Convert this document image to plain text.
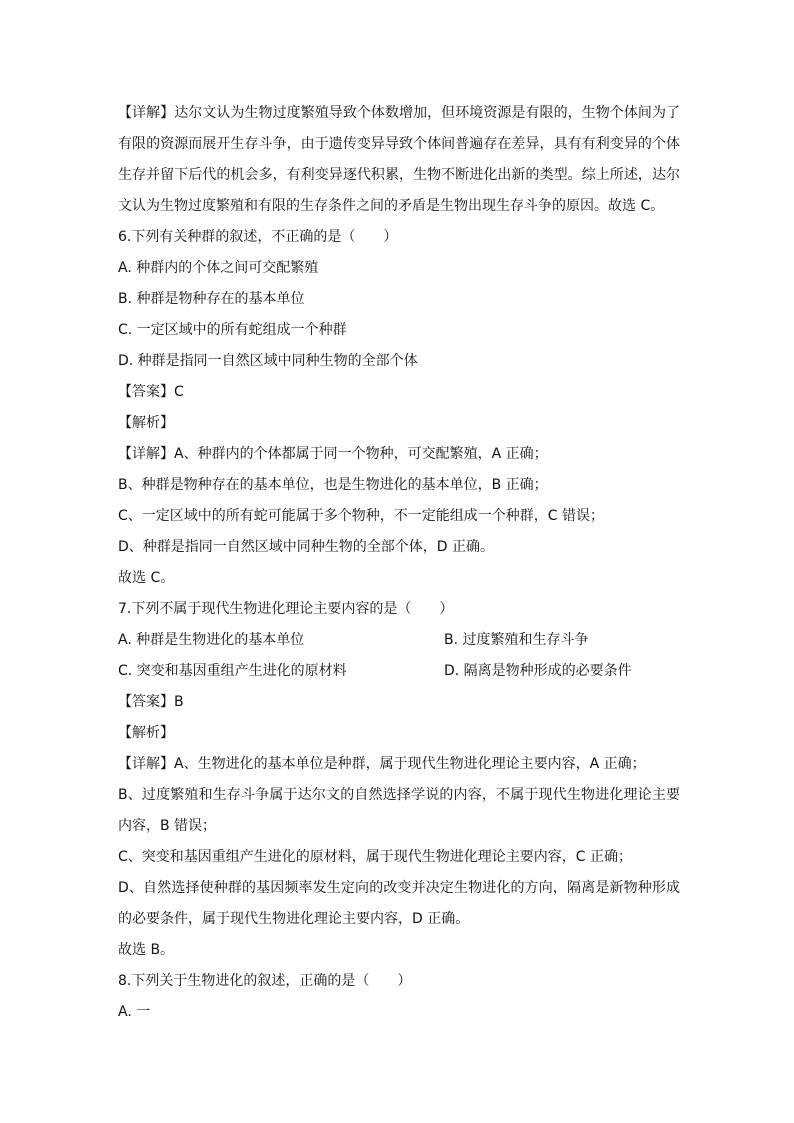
【详解】达尔文认为生物过度繁殖导致个体数增加，但环境资源是有限的，生物个体间为了有限的资源而展开生存斗争，由于遗传变异导致个体间普遍存在差异，具有有利变异的个体生存并留下后代的机会多，有利变异逐代积累，生物不断进化出新的类型。综上所述，达尔文认为生物过度繁殖和有限的生存条件之间的矛盾是生物出现生存斗争的原因。故选 C。
6.下列有关种群的叙述，不正确的是（　　）
A. 种群内的个体之间可交配繁殖
B. 种群是物种存在的基本单位
C. 一定区域中的所有蛇组成一个种群
D. 种群是指同一自然区域中同种生物的全部个体
【答案】C
【解析】
【详解】A、种群内的个体都属于同一个物种，可交配繁殖，A 正确；
B、种群是物种存在的基本单位，也是生物进化的基本单位，B 正确；
C、一定区域中的所有蛇可能属于多个物种，不一定能组成一个种群，C 错误；
D、种群是指同一自然区域中同种生物的全部个体，D 正确。
故选 C。
7.下列不属于现代生物进化理论主要内容的是（　　）
A. 种群是生物进化的基本单位	B. 过度繁殖和生存斗争
C. 突变和基因重组产生进化的原材料	D. 隔离是物种形成的必要条件
【答案】B
【解析】
【详解】A、生物进化的基本单位是种群，属于现代生物进化理论主要内容，A 正确；
B、过度繁殖和生存斗争属于达尔文的自然选择学说的内容，不属于现代生物进化理论主要内容，B 错误；
C、突变和基因重组产生进化的原材料，属于现代生物进化理论主要内容，C 正确；
D、自然选择使种群的基因频率发生定向的改变并决定生物进化的方向，隔离是新物种形成的必要条件，属于现代生物进化理论主要内容，D 正确。
故选 B。
8.下列关于生物进化的叙述，正确的是（　　）
A. 一
